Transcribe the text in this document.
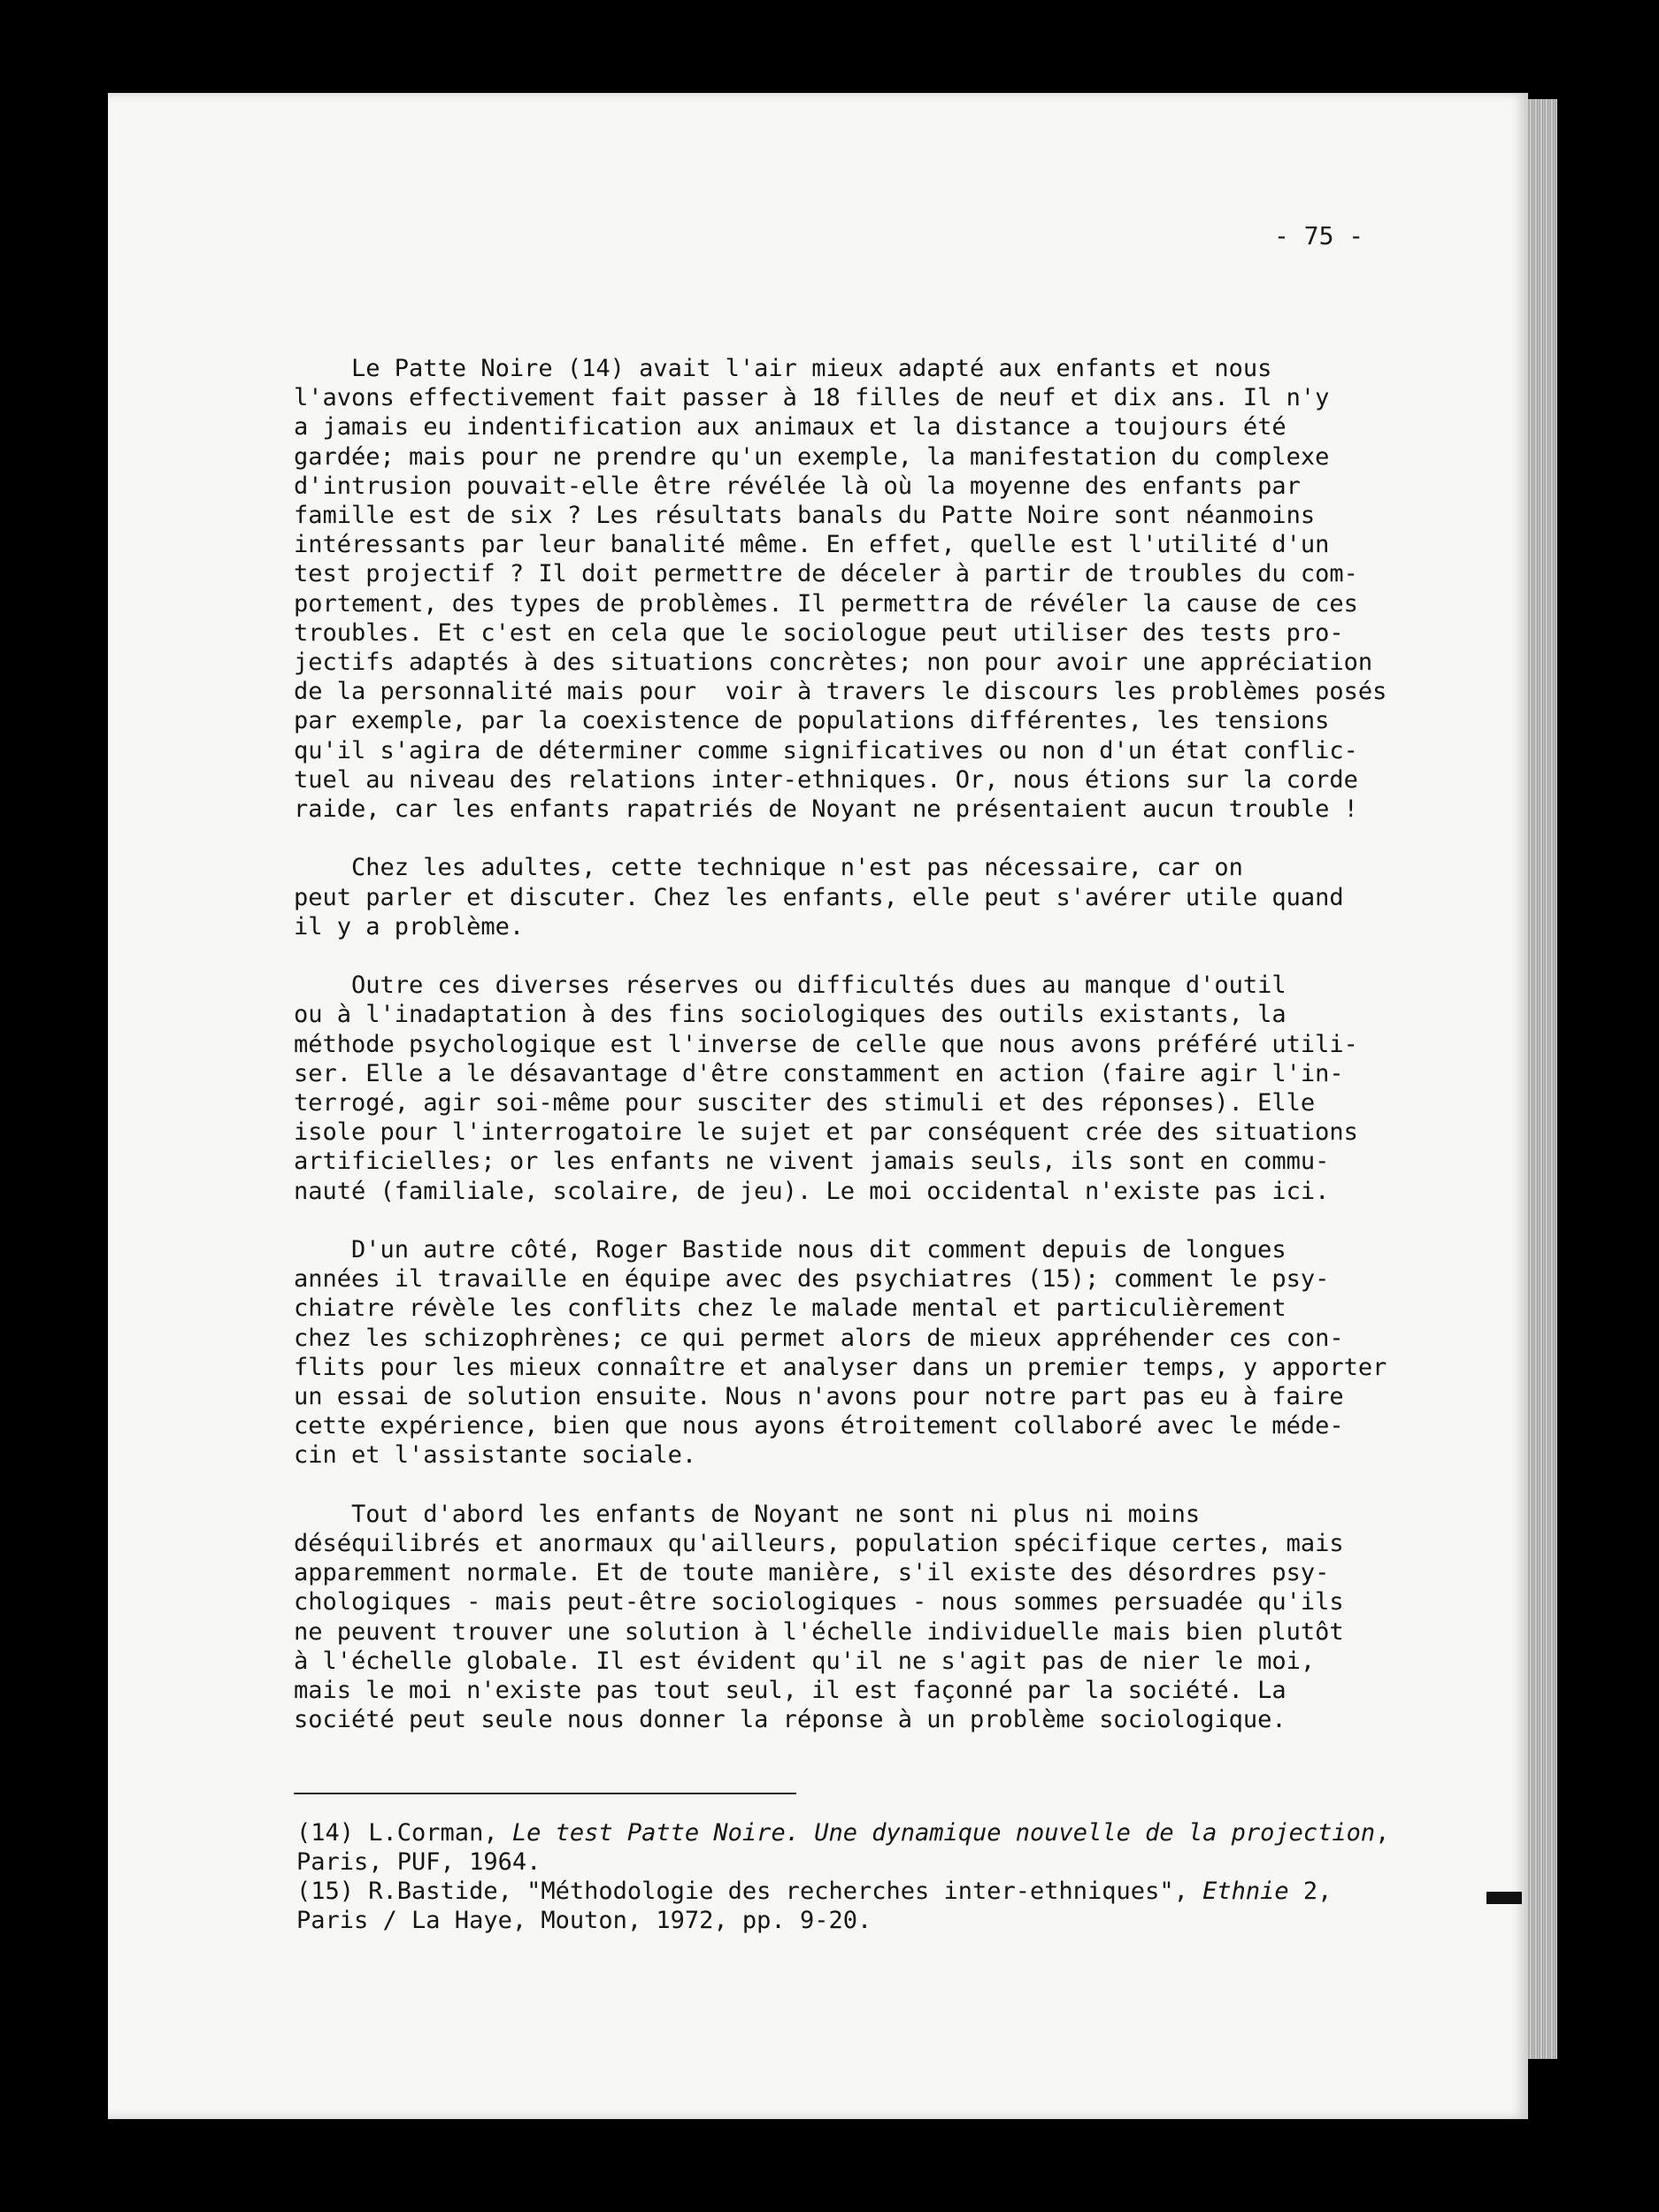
- 75 -

Le Patte Noire (14) avait l'air mieux adapté aux enfants et nous
l'avons effectivement fait passer à 18 filles de neuf et dix ans. Il n'y
a jamais eu indentification aux animaux et la distance a toujours été
gardée; mais pour ne prendre qu'un exemple, la manifestation du complexe
d'intrusion pouvait-elle être révélée là où la moyenne des enfants par
famille est de six ? Les résultats banals du Patte Noire sont néanmoins
intéressants par leur banalité même. En effet, quelle est l'utilité d'un
test projectif ? Il doit permettre de déceler à partir de troubles du com-
portement, des types de problèmes. Il permettra de révéler la cause de ces
troubles. Et c'est en cela que le sociologue peut utiliser des tests pro-
jectifs adaptés à des situations concrètes; non pour avoir une appréciation
de la personnalité mais pour  voir à travers le discours les problèmes posés
par exemple, par la coexistence de populations différentes, les tensions
qu'il s'agira de déterminer comme significatives ou non d'un état conflic-
tuel au niveau des relations inter-ethniques. Or, nous étions sur la corde
raide, car les enfants rapatriés de Noyant ne présentaient aucun trouble !

Chez les adultes, cette technique n'est pas nécessaire, car on
peut parler et discuter. Chez les enfants, elle peut s'avérer utile quand
il y a problème.

Outre ces diverses réserves ou difficultés dues au manque d'outil
ou à l'inadaptation à des fins sociologiques des outils existants, la
méthode psychologique est l'inverse de celle que nous avons préféré utili-
ser. Elle a le désavantage d'être constamment en action (faire agir l'in-
terrogé, agir soi-même pour susciter des stimuli et des réponses). Elle
isole pour l'interrogatoire le sujet et par conséquent crée des situations
artificielles; or les enfants ne vivent jamais seuls, ils sont en commu-
nauté (familiale, scolaire, de jeu). Le moi occidental n'existe pas ici.

D'un autre côté, Roger Bastide nous dit comment depuis de longues
années il travaille en équipe avec des psychiatres (15); comment le psy-
chiatre révèle les conflits chez le malade mental et particulièrement
chez les schizophrènes; ce qui permet alors de mieux appréhender ces con-
flits pour les mieux connaître et analyser dans un premier temps, y apporter
un essai de solution ensuite. Nous n'avons pour notre part pas eu à faire
cette expérience, bien que nous ayons étroitement collaboré avec le méde-
cin et l'assistante sociale.

Tout d'abord les enfants de Noyant ne sont ni plus ni moins
déséquilibrés et anormaux qu'ailleurs, population spécifique certes, mais
apparemment normale. Et de toute manière, s'il existe des désordres psy-
chologiques - mais peut-être sociologiques - nous sommes persuadée qu'ils
ne peuvent trouver une solution à l'échelle individuelle mais bien plutôt
à l'échelle globale. Il est évident qu'il ne s'agit pas de nier le moi,
mais le moi n'existe pas tout seul, il est façonné par la société. La
société peut seule nous donner la réponse à un problème sociologique.

(14) L.Corman, Le test Patte Noire. Une dynamique nouvelle de la projection,
Paris, PUF, 1964.

(15) R.Bastide, "Méthodologie des recherches inter-ethniques", Ethnie 2,
Paris / La Haye, Mouton, 1972, pp. 9-20.
